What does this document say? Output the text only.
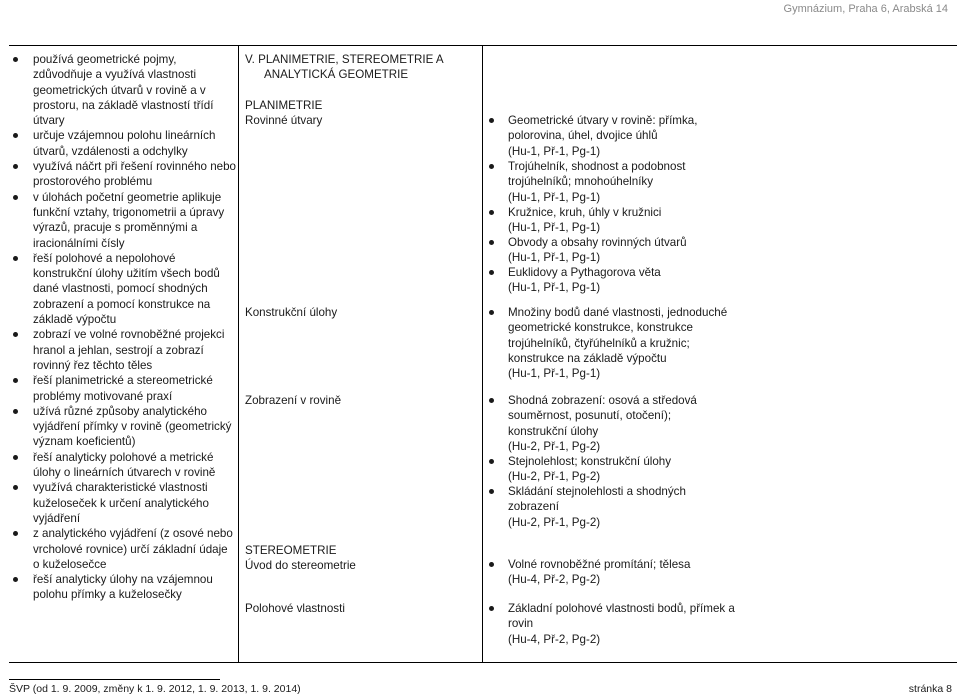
Gymnázium, Praha 6, Arabská 14
používá geometrické pojmy, zdůvodňuje a využívá vlastnosti geometrických útvarů v rovině a v prostoru, na základě vlastností třídí útvary
určuje vzájemnou polohu lineárních útvarů, vzdálenosti a odchylky
využívá náčrt při řešení rovinného nebo prostorového problému
v úlohách početní geometrie aplikuje funkční vztahy, trigonometrii a úpravy výrazů, pracuje s proměnnými a iracionálními čísly
řeší polohové a nepolohové konstrukční úlohy užitím všech bodů dané vlastnosti, pomocí shodných zobrazení a pomocí konstrukce na základě výpočtu
zobrazí ve volné rovnoběžné projekci hranol a jehlan, sestrojí a zobrazí rovinný řez těchto těles
řeší planimetrické a stereometrické problémy motivované praxí
užívá různé způsoby analytického vyjádření přímky v rovině (geometrický význam koeficientů)
řeší analyticky polohové a metrické úlohy o lineárních útvarech v rovině
využívá charakteristické vlastnosti kuželoseček k určení analytického vyjádření
z analytického vyjádření (z osové nebo vrcholové rovnice) určí základní údaje o kuželosečce
řeší analyticky úlohy na vzájemnou polohu přímky a kuželosečky
V. PLANIMETRIE, STEREOMETRIE A
ANALYTICKÁ GEOMETRIE
PLANIMETRIE
Rovinné útvary
Konstrukční úlohy
Zobrazení v rovině
STEREOMETRIE
Úvod do stereometrie
Polohové vlastnosti
Geometrické útvary v rovině: přímka, polorovina, úhel, dvojice úhlů
(Hu-1, Př-1, Pg-1)
Trojúhelník, shodnost a podobnost trojúhelníků; mnohoúhelníky
(Hu-1, Př-1, Pg-1)
Kružnice, kruh, úhly v kružnici
(Hu-1, Př-1, Pg-1)
Obvody a obsahy rovinných útvarů
(Hu-1, Př-1, Pg-1)
Euklidovy a Pythagorova věta
(Hu-1, Př-1, Pg-1)
Množiny bodů dané vlastnosti, jednoduché geometrické konstrukce, konstrukce trojúhelníků, čtyřúhelníků a kružnic; konstrukce na základě výpočtu
(Hu-1, Př-1, Pg-1)
Shodná zobrazení: osová a středová souměrnost, posunutí, otočení); konstrukční úlohy
(Hu-2, Př-1, Pg-2)
Stejnolehlost; konstrukční úlohy
(Hu-2, Př-1, Pg-2)
Skládání stejnolehlosti a shodných zobrazení
(Hu-2, Př-1, Pg-2)
Volné rovnoběžné promítání; tělesa
(Hu-4, Př-2, Pg-2)
Základní polohové vlastnosti bodů, přímek a rovin
(Hu-4, Př-2, Pg-2)
ŠVP (od 1. 9. 2009, změny k 1. 9. 2012, 1. 9. 2013, 1. 9. 2014)	stránka 8
